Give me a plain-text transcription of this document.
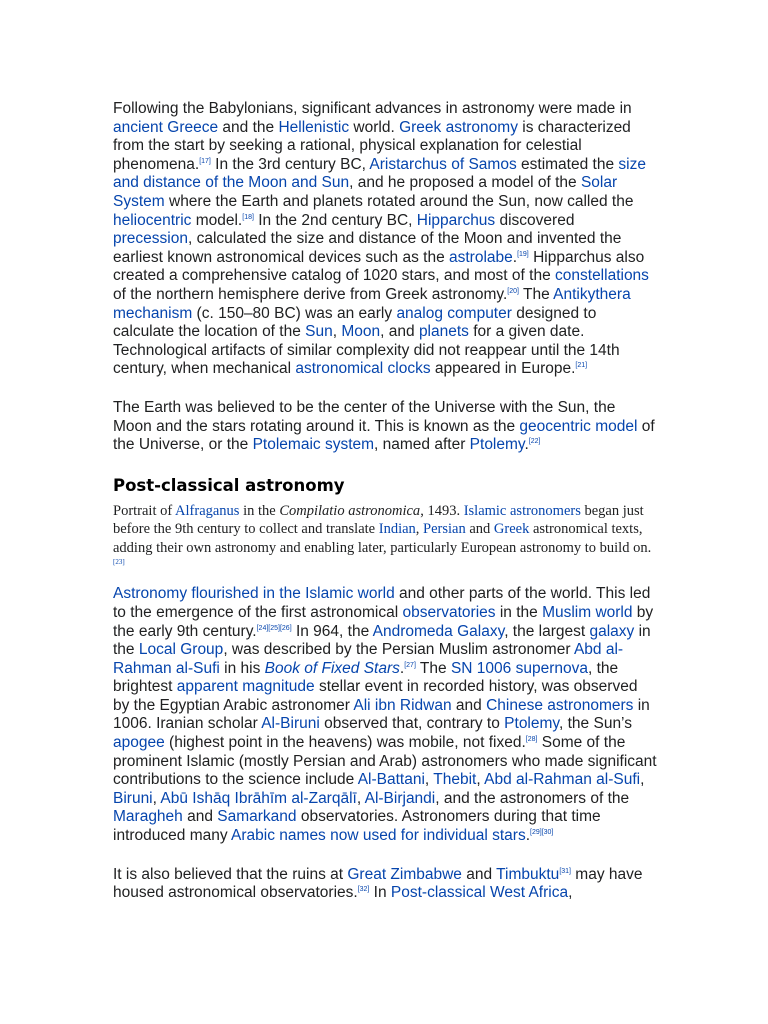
Following the Babylonians, significant advances in astronomy were made in ancient Greece and the Hellenistic world. Greek astronomy is characterized from the start by seeking a rational, physical explanation for celestial phenomena.[17] In the 3rd century BC, Aristarchus of Samos estimated the size and distance of the Moon and Sun, and he proposed a model of the Solar System where the Earth and planets rotated around the Sun, now called the heliocentric model.[18] In the 2nd century BC, Hipparchus discovered precession, calculated the size and distance of the Moon and invented the earliest known astronomical devices such as the astrolabe.[19] Hipparchus also created a comprehensive catalog of 1020 stars, and most of the constellations of the northern hemisphere derive from Greek astronomy.[20] The Antikythera mechanism (c. 150–80 BC) was an early analog computer designed to calculate the location of the Sun, Moon, and planets for a given date. Technological artifacts of similar complexity did not reappear until the 14th century, when mechanical astronomical clocks appeared in Europe.[21]

The Earth was believed to be the center of the Universe with the Sun, the Moon and the stars rotating around it. This is known as the geocentric model of the Universe, or the Ptolemaic system, named after Ptolemy.[22]

Post-classical astronomy

Portrait of Alfraganus in the Compilatio astronomica, 1493. Islamic astronomers began just before the 9th century to collect and translate Indian, Persian and Greek astronomical texts, adding their own astronomy and enabling later, particularly European astronomy to build on.[23]

Astronomy flourished in the Islamic world and other parts of the world. This led to the emergence of the first astronomical observatories in the Muslim world by the early 9th century.[24][25][26] In 964, the Andromeda Galaxy, the largest galaxy in the Local Group, was described by the Persian Muslim astronomer Abd al-Rahman al-Sufi in his Book of Fixed Stars.[27] The SN 1006 supernova, the brightest apparent magnitude stellar event in recorded history, was observed by the Egyptian Arabic astronomer Ali ibn Ridwan and Chinese astronomers in 1006. Iranian scholar Al-Biruni observed that, contrary to Ptolemy, the Sun’s apogee (highest point in the heavens) was mobile, not fixed.[28] Some of the prominent Islamic (mostly Persian and Arab) astronomers who made significant contributions to the science include Al-Battani, Thebit, Abd al-Rahman al-Sufi, Biruni, Abū Ishāq Ibrāhīm al-Zarqālī, Al-Birjandi, and the astronomers of the Maragheh and Samarkand observatories. Astronomers during that time introduced many Arabic names now used for individual stars.[29][30]

It is also believed that the ruins at Great Zimbabwe and Timbuktu[31] may have housed astronomical observatories.[32] In Post-classical West Africa,
